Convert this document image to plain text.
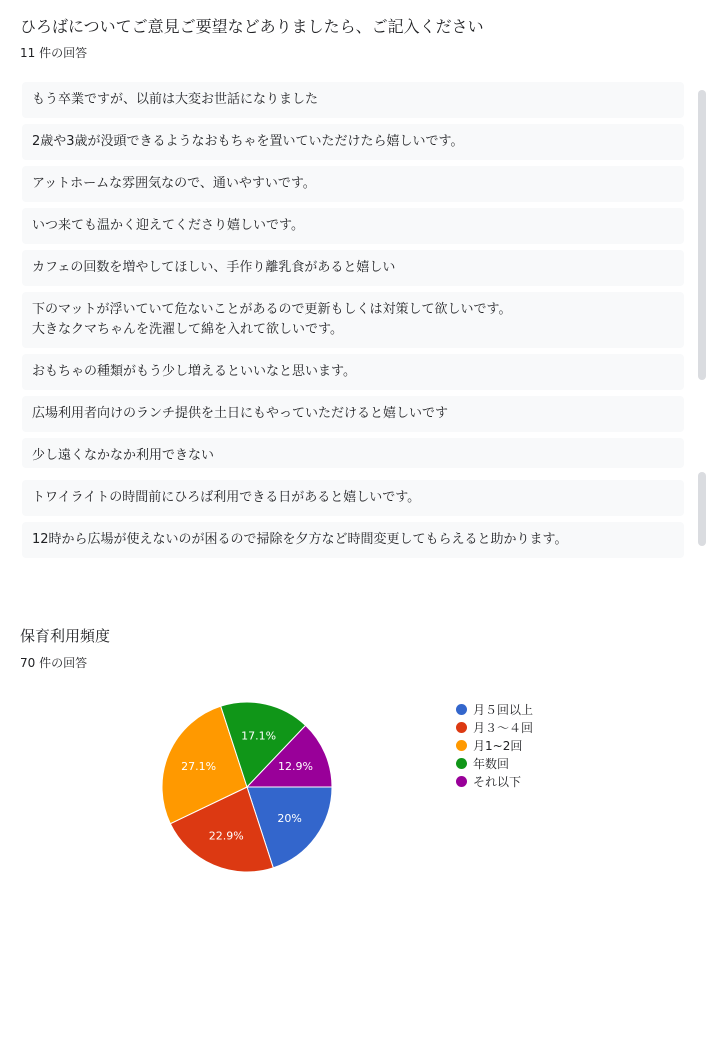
ひろばについてご意見ご要望などありましたら、ご記入ください
11 件の回答
もう卒業ですが、以前は大変お世話になりました
2歳や3歳が没頭できるようなおもちゃを置いていただけたら嬉しいです。
アットホームな雰囲気なので、通いやすいです。
いつ来ても温かく迎えてくださり嬉しいです。
カフェの回数を増やしてほしい、手作り離乳食があると嬉しい
下のマットが浮いていて危ないことがあるので更新もしくは対策して欲しいです。
大きなクマちゃんを洗濯して綿を入れて欲しいです。
おもちゃの種類がもう少し増えるといいなと思います。
広場利用者向けのランチ提供を土日にもやっていただけると嬉しいです
少し遠くなかなか利用できない
トワイライトの時間前にひろば利用できる日があると嬉しいです。
12時から広場が使えないのが困るので掃除を夕方など時間変更してもらえると助かります。
保育利用頻度
70 件の回答
20%
22.9%
27.1%
17.1%
12.9%
月５回以上
月３～４回
月1~2回
年数回
それ以下
